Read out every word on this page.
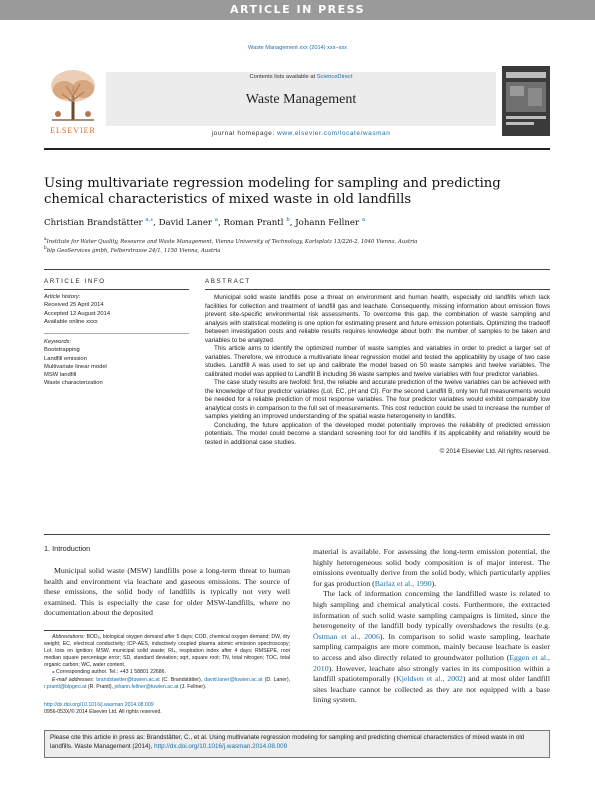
ARTICLE IN PRESS
Waste Management xxx (2014) xxx–xxx
ELSEVIER
Contents lists available at ScienceDirect
Waste Management
journal homepage: www.elsevier.com/locate/wasman
Using multivariate regression modeling for sampling and predicting
chemical characteristics of mixed waste in old landfills
Christian Brandstätter $^{a,⁎}$, David Laner $^a$, Roman Prantl $^b$, Johann Fellner $^a$
$^a$Institute for Water Quality, Resource and Waste Management, Vienna University of Technology, Karlsplatz 13/226-2, 1040 Vienna, Austria
$^b$blp GeoServices gmbh, Felberstrasse 24/1, 1150 Vienna, Austria
ARTICLE INFO
Article history:
Received 25 April 2014
Accepted 12 August 2014
Available online xxxx
Keywords:
Bootstrapping
Landfill emission
Multivariate linear model
MSW landfill
Waste characterization
ABSTRACT

Municipal solid waste landfills pose a threat on environment and human health, especially old landfills which lack facilities for collection and treatment of landfill gas and leachate. Consequently, missing information about emission flows prevent site-specific environmental risk assessments. To overcome this gap, the combination of waste sampling and analysis with statistical modeling is one option for estimating present and future emission potentials. Optimizing the tradeoff between investigation costs and reliable results requires knowledge about both: the number of samples to be taken and variables to be analyzed.

This article aims to identify the optimized number of waste samples and variables in order to predict a larger set of variables. Therefore, we introduce a multivariate linear regression model and tested the applicability by usage of two case studies. Landfill A was used to set up and calibrate the model based on 50 waste samples and twelve variables. The calibrated model was applied to Landfill B including 36 waste samples and twelve variables with four predictor variables.

The case study results are twofold: first, the reliable and accurate prediction of the twelve variables can be achieved with the knowledge of four predictor variables (LoI, EC, pH and Cl). For the second Landfill B, only ten full measurements would be needed for a reliable prediction of most response variables. The four predictor variables would exhibit comparably low analytical costs in comparison to the full set of measurements. This cost reduction could be used to increase the number of samples yielding an improved understanding of the spatial waste heterogeneity in landfills.

Concluding, the future application of the developed model potentially improves the reliability of predicted emission potentials. The model could become a standard screening tool for old landfills if its applicability and reliability would be tested in additional case studies.

© 2014 Elsevier Ltd. All rights reserved.
1. Introduction

Municipal solid waste (MSW) landfills pose a long-term threat to human health and environment via leachate and gaseous emissions. The source of these emissions, the solid body of landfills is typically not very well examined. This is especially the case for older MSW-landfills, where no documentation about the deposited

Abbreviations: BOD₅, biological oxygen demand after 5 days; COD, chemical oxygen demand; DW, dry weight; EC, electrical conductivity; ICP-AES, inductively coupled plasma atomic emission spectroscopy; LoI, loss on ignition; MSW, municipal solid waste; RI₄, respiration index after 4 days; RMSEPE, root median square percentage error; SD, standard deviation; sqrt, square root; TN, total nitrogen; TOC, total organic carbon; WC, water content.

⁎ Corresponding author. Tel.: +43 1 58801 22686.

E-mail addresses: brandstaetter@tuwien.ac.at (C. Brandstätter), david.laner@tuwien.ac.at (D. Laner), r.prantl@blpgeo.at (R. Prantl), johann.fellner@tuwien.ac.at (J. Fellner).

http://dx.doi.org/10.1016/j.wasman.2014.08.009
0956-053X/© 2014 Elsevier Ltd. All rights reserved.

material is available. For assessing the long-term emission potential, the highly heterogeneous solid body composition is of major interest. The emissions eventually derive from the solid body, which particularly applies for gas production (Barlaz et al., 1990).

The lack of information concerning the landfilled waste is related to high sampling and chemical analytical costs. Furthermore, the extracted information of such solid waste sampling campaigns is limited, since the heterogeneity of the landfill body typically overshadows the results (e.g. Östman et al., 2006). In comparison to solid waste sampling, leachate sampling campaigns are more common, mainly because leachate is easier to access and also directly related to groundwater pollution (Eggen et al., 2010). However, leachate also strongly varies in its composition within a landfill spatiotemporally (Kjeldsen et al., 2002) and at most older landfill sites leachate cannot be collected as they are not equipped with a base lining system.

Please cite this article in press as: Brandstätter, C., et al. Using multivariate regression modeling for sampling and predicting chemical characteristics of mixed waste in old landfills. Waste Management (2014), http://dx.doi.org/10.1016/j.wasman.2014.08.009
